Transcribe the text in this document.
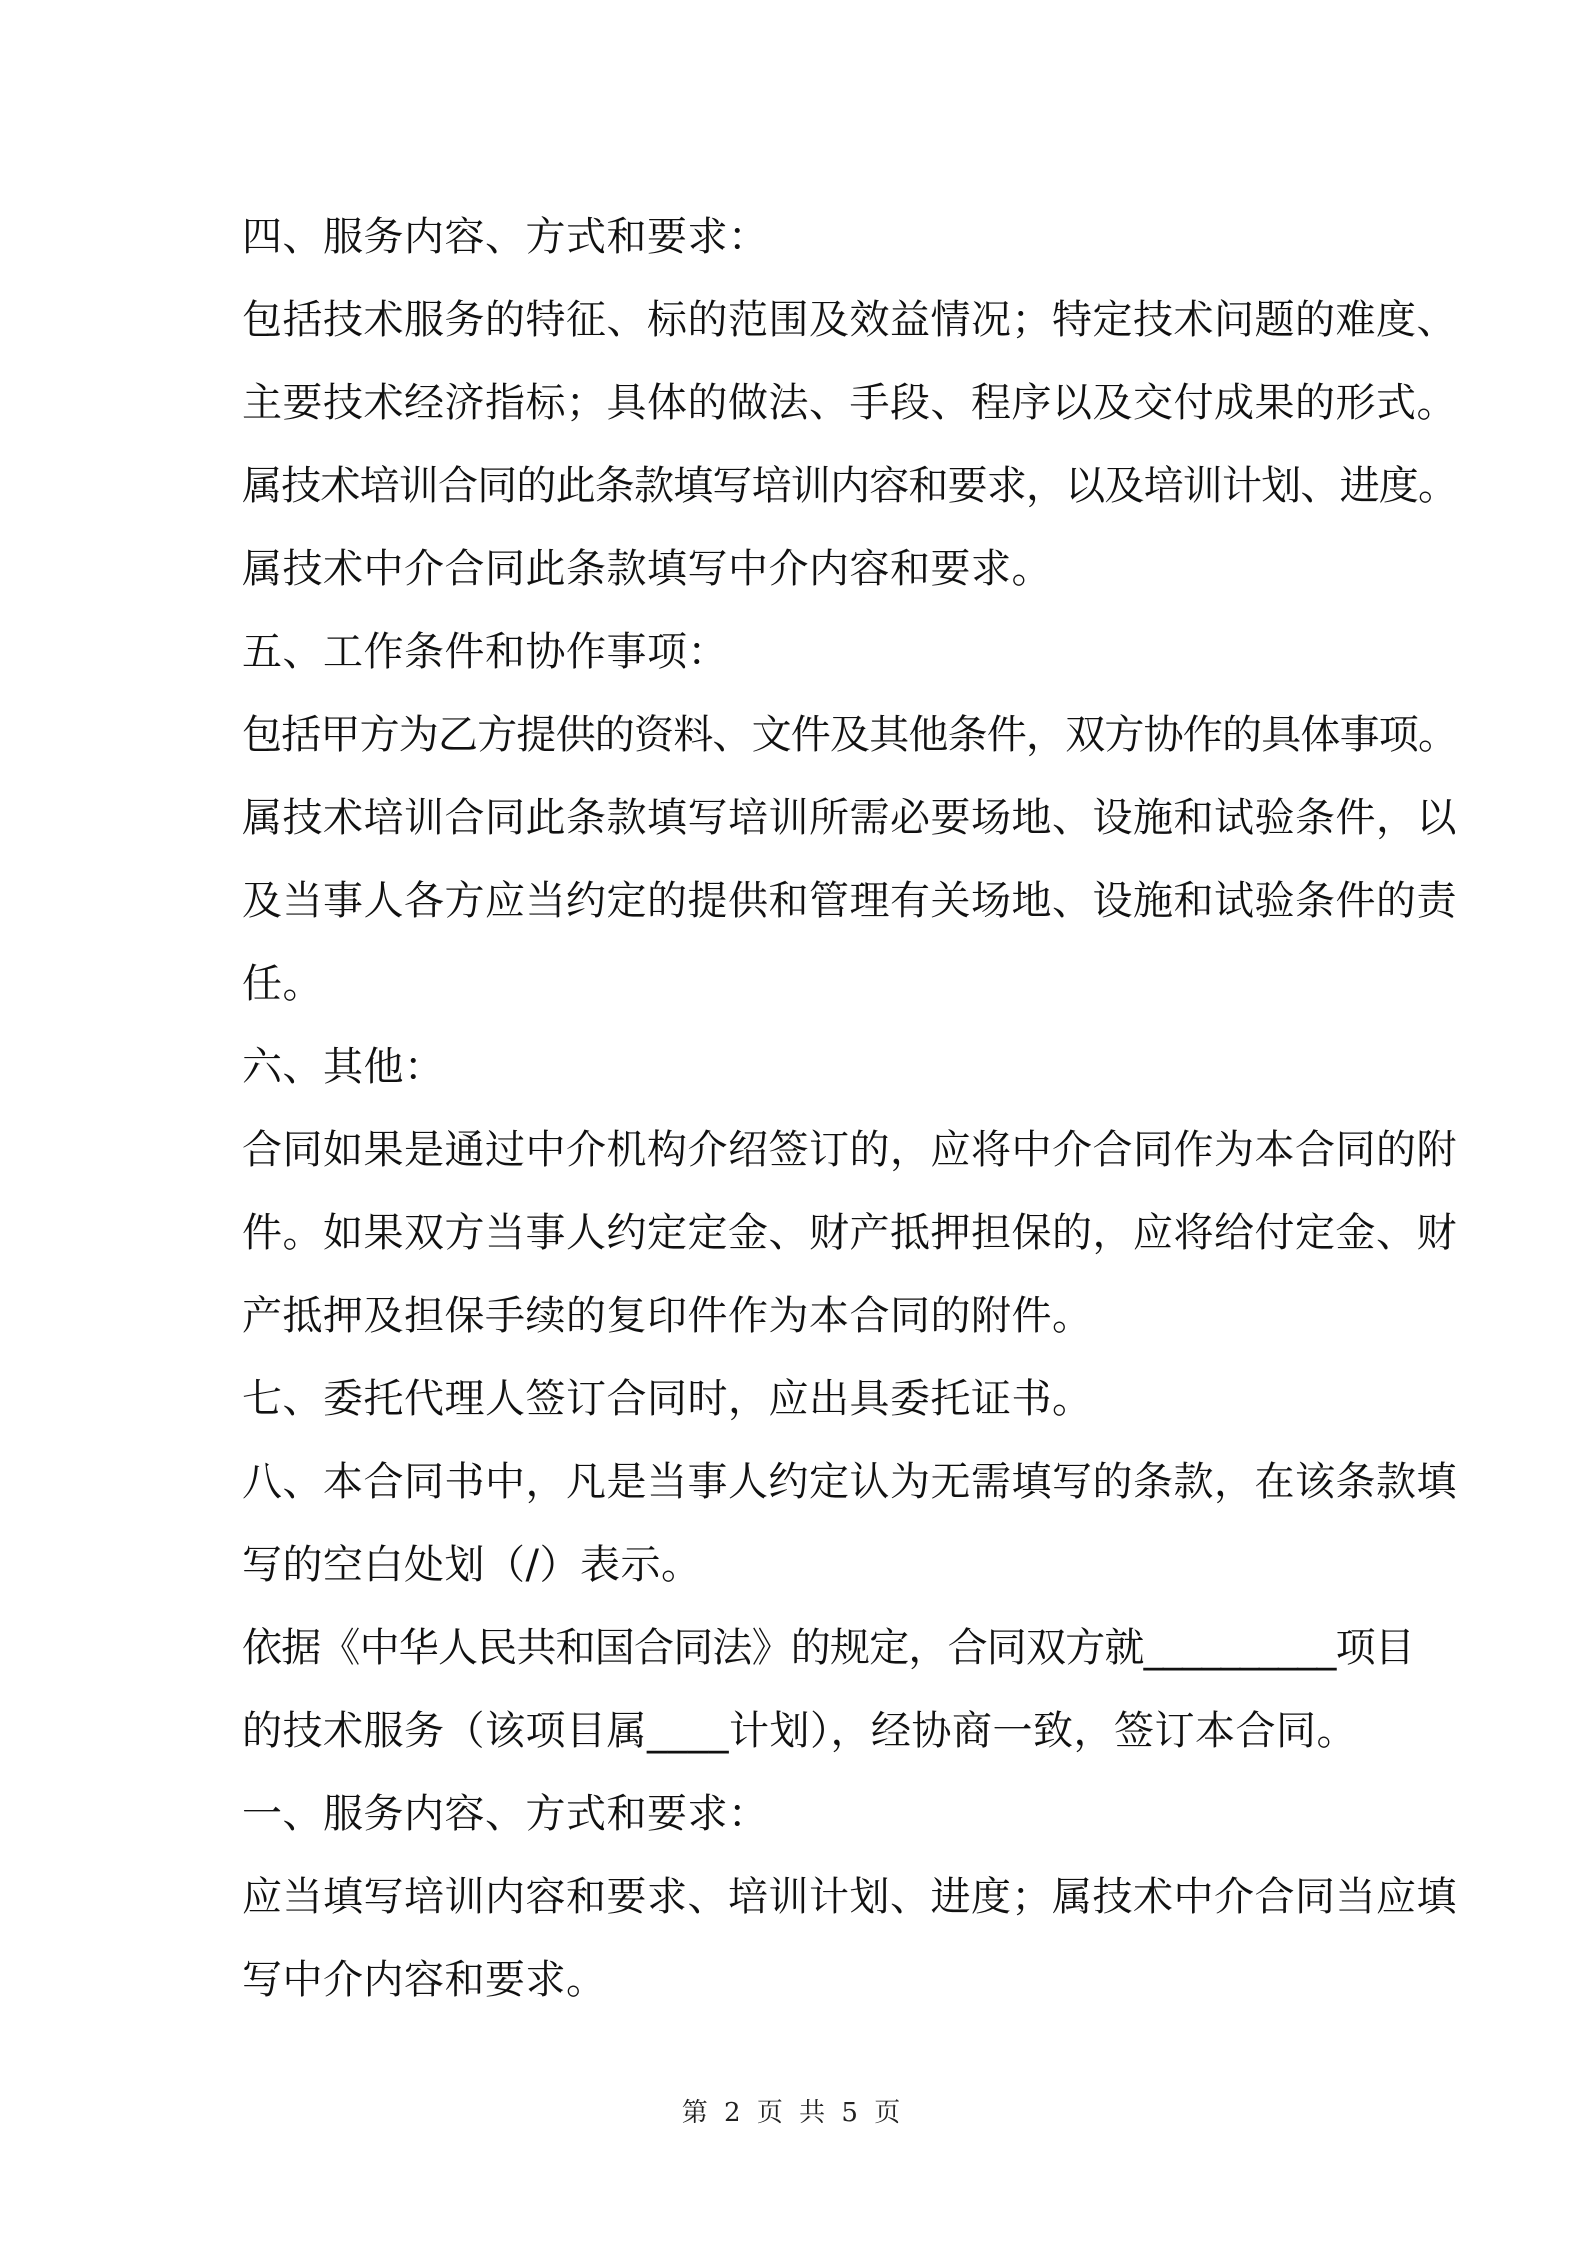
四、服务内容、方式和要求：
包括技术服务的特征、标的范围及效益情况；特定技术问题的难度、
主要技术经济指标；具体的做法、手段、程序以及交付成果的形式。
属技术培训合同的此条款填写培训内容和要求，以及培训计划、进度。
属技术中介合同此条款填写中介内容和要求。
五、工作条件和协作事项：
包括甲方为乙方提供的资料、文件及其他条件，双方协作的具体事项。
属技术培训合同此条款填写培训所需必要场地、设施和试验条件，以
及当事人各方应当约定的提供和管理有关场地、设施和试验条件的责
任。
六、其他：
合同如果是通过中介机构介绍签订的，应将中介合同作为本合同的附
件。如果双方当事人约定定金、财产抵押担保的，应将给付定金、财
产抵押及担保手续的复印件作为本合同的附件。
七、委托代理人签订合同时，应出具委托证书。
八、本合同书中，凡是当事人约定认为无需填写的条款，在该条款填
写的空白处划（/）表示。
依据《中华人民共和国合同法》的规定，合同双方就__________项目
的技术服务（该项目属____计划），经协商一致，签订本合同。
一、服务内容、方式和要求：
应当填写培训内容和要求、培训计划、进度；属技术中介合同当应填
写中介内容和要求。
第 2 页 共 5 页
